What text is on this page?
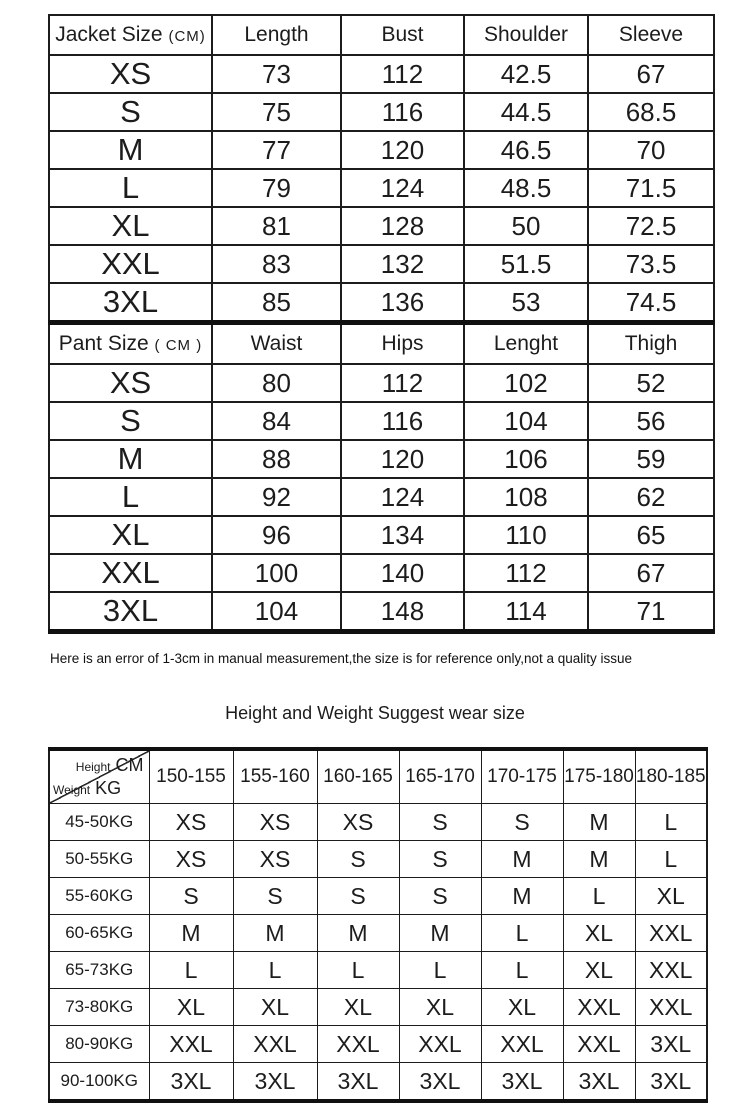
Jacket Size (CM)	Length	Bust	Shoulder	Sleeve
XS	73	112	42.5	67
S	75	116	44.5	68.5
M	77	120	46.5	70
L	79	124	48.5	71.5
XL	81	128	50	72.5
XXL	83	132	51.5	73.5
3XL	85	136	53	74.5
Pant Size ( CM )	Waist	Hips	Lenght	Thigh
XS	80	112	102	52
S	84	116	104	56
M	88	120	106	59
L	92	124	108	62
XL	96	134	110	65
XXL	100	140	112	67
3XL	104	148	114	71

Here is an error of 1-3cm in manual measurement,the size is for reference only,not a quality issue

Height and Weight Suggest wear size
Height CM
Weight KG	150-155	155-160	160-165	165-170	170-175	175-180	180-185
45-50KG	XS	XS	XS	S	S	M	L
50-55KG	XS	XS	S	S	M	M	L
55-60KG	S	S	S	S	M	L	XL
60-65KG	M	M	M	M	L	XL	XXL
65-73KG	L	L	L	L	L	XL	XXL
73-80KG	XL	XL	XL	XL	XL	XXL	XXL
80-90KG	XXL	XXL	XXL	XXL	XXL	XXL	3XL
90-100KG	3XL	3XL	3XL	3XL	3XL	3XL	3XL
